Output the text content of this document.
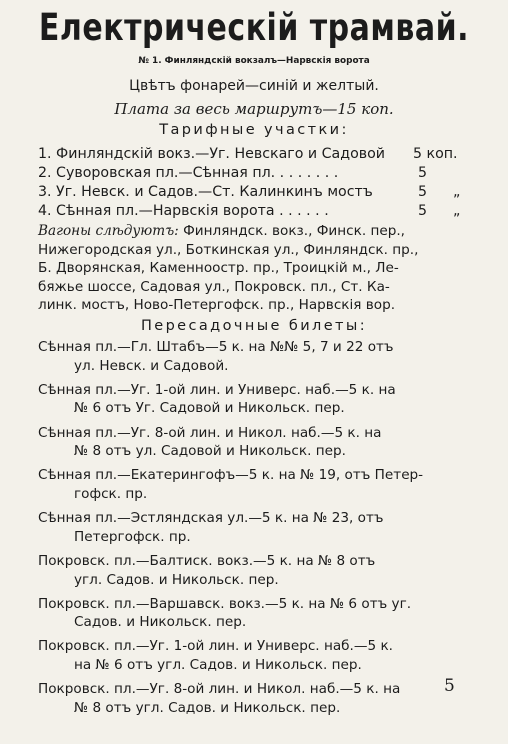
Електрическій трамвай.
№ 1. Финляндскій вокзалъ—Нарвскія ворота
Цвѣтъ фонарей—синій и желтый.
Плата за весь маршрутъ—15 коп.
Тарифные участки:
1. Финляндскій вокз.—Уг. Невскаго и Садовой 5 коп.
2. Суворовская пл.—Сѣнная пл. . . . . . . .	5
3. Уг. Невск. и Садов.—Ст. Калинкинъ мостъ	5 „
4. Сѣнная пл.—Нарвскія ворота . . . . . .	5 „
Вагоны слѣдуютъ: Финляндск. вокз., Финск. пер.,
Нижегородская ул., Боткинская ул., Финляндск. пр.,
Б. Дворянская, Каменноостр. пр., Троицкій м., Ле-
бяжье шоссе, Садовая ул., Покровск. пл., Ст. Ка-
линк. мостъ, Ново-Петергофск. пр., Нарвскія вор.
Пересадочные билеты:
Сѣнная пл.—Гл. Штабъ—5 к. на №№ 5, 7 и 22 отъ
ул. Невск. и Садовой.
Сѣнная пл.—Уг. 1-ой лин. и Универс. наб.—5 к. на
№ 6 отъ Уг. Садовой и Никольск. пер.
Сѣнная пл.—Уг. 8-ой лин. и Никол. наб.—5 к. на
№ 8 отъ ул. Садовой и Никольск. пер.
Сѣнная пл.—Екатерингофъ—5 к. на № 19, отъ Петер-
гофск. пр.
Сѣнная пл.—Эстляндская ул.—5 к. на № 23, отъ
Петергофск. пр.
Покровск. пл.—Балтиск. вокз.—5 к. на № 8 отъ
угл. Садов. и Никольск. пер.
Покровск. пл.—Варшавск. вокз.—5 к. на № 6 отъ уг.
Садов. и Никольск. пер.
Покровск. пл.—Уг. 1-ой лин. и Универс. наб.—5 к.
на № 6 отъ угл. Садов. и Никольск. пер.
Покровск. пл.—Уг. 8-ой лин. и Никол. наб.—5 к. на
№ 8 отъ угл. Садов. и Никольск. пер.
5
